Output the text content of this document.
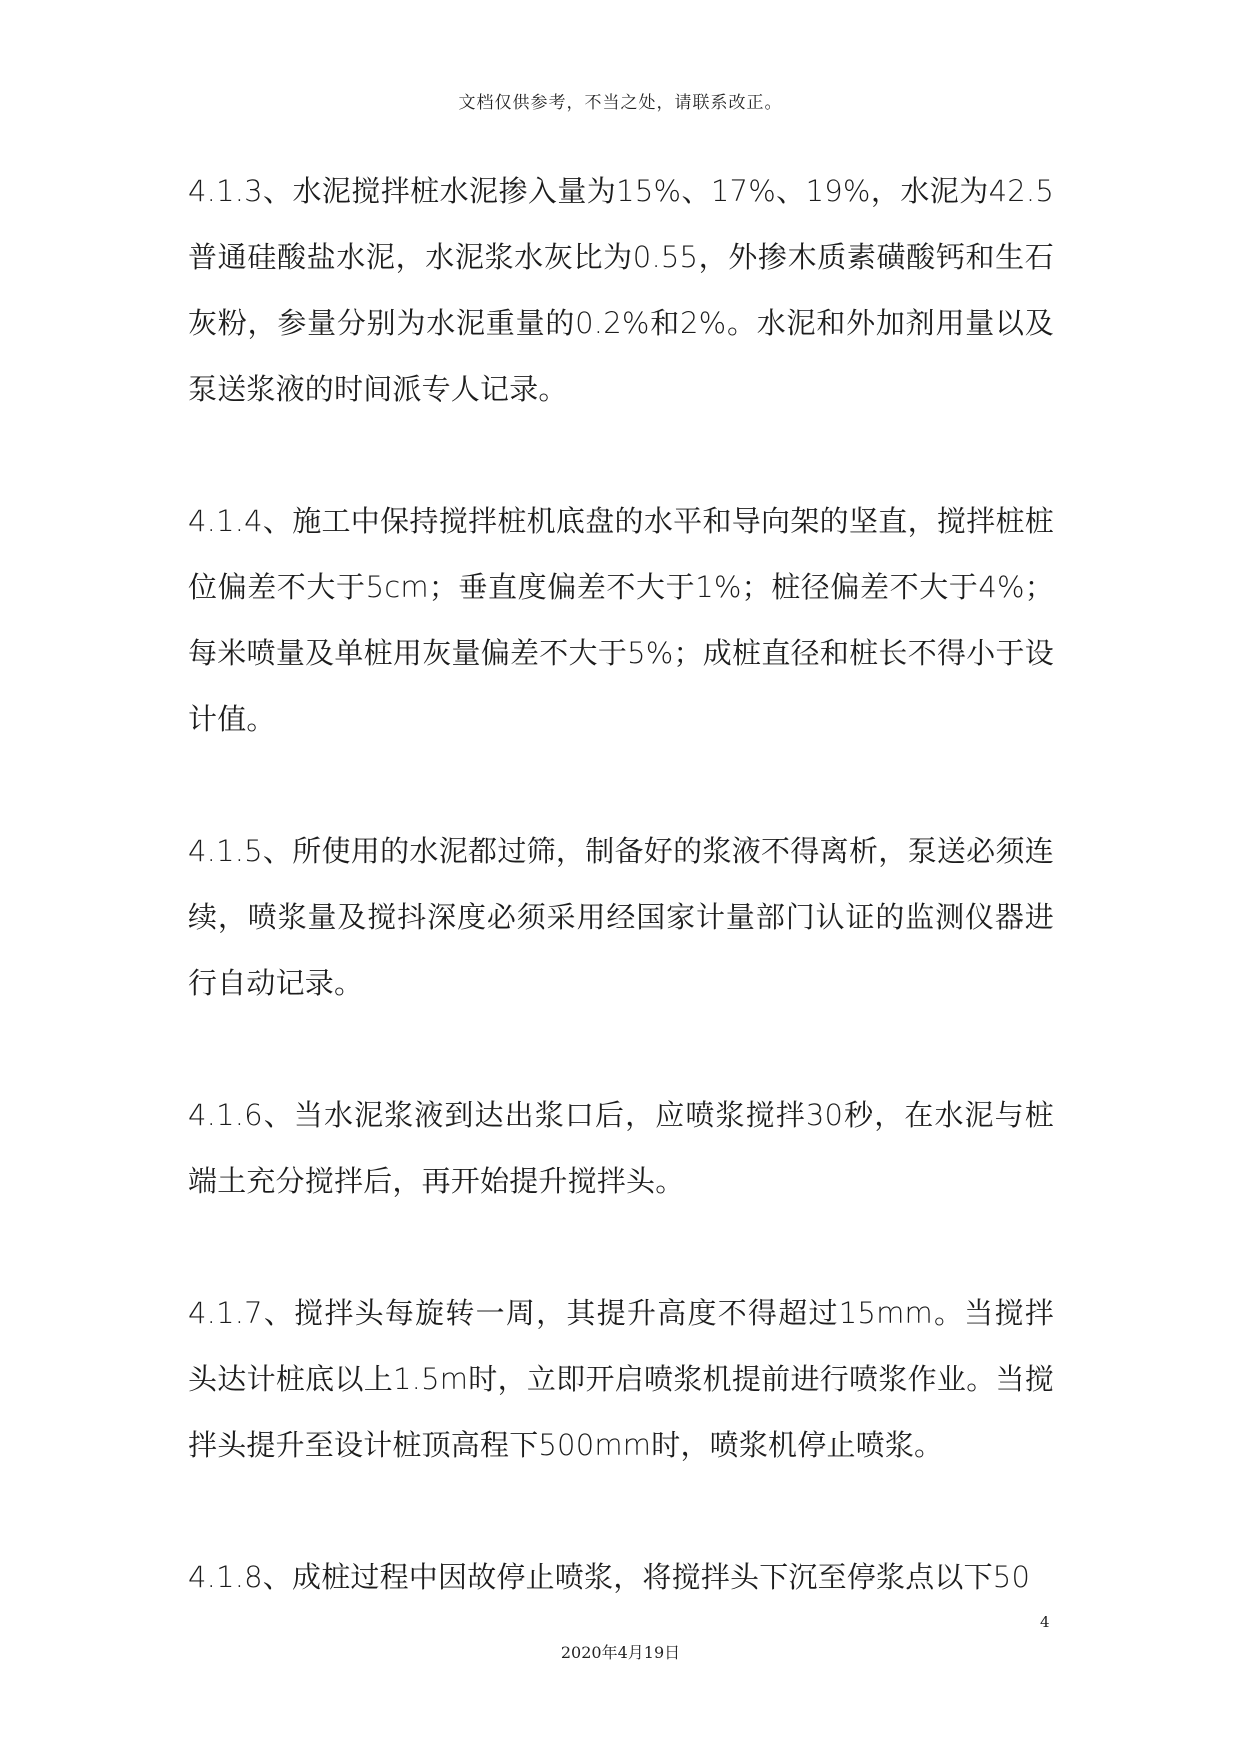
文档仅供参考，不当之处，请联系改正。

4.1.3、水泥搅拌桩水泥掺入量为15%、17%、19%，水泥为42.5普通硅酸盐水泥，水泥浆水灰比为0.55，外掺木质素磺酸钙和生石灰粉，参量分别为水泥重量的0.2%和2%。水泥和外加剂用量以及泵送浆液的时间派专人记录。

4.1.4、施工中保持搅拌桩机底盘的水平和导向架的坚直，搅拌桩桩位偏差不大于5cm；垂直度偏差不大于1%；桩径偏差不大于4%；每米喷量及单桩用灰量偏差不大于5%；成桩直径和桩长不得小于设计值。

4.1.5、所使用的水泥都过筛，制备好的浆液不得离析，泵送必须连续，喷浆量及搅抖深度必须采用经国家计量部门认证的监测仪器进行自动记录。

4.1.6、当水泥浆液到达出浆口后，应喷浆搅拌30秒，在水泥与桩端土充分搅拌后，再开始提升搅拌头。

4.1.7、搅拌头每旋转一周，其提升高度不得超过15mm。当搅拌头达计桩底以上1.5m时，立即开启喷浆机提前进行喷浆作业。当搅拌头提升至设计桩顶高程下500mm时，喷浆机停止喷浆。

4.1.8、成桩过程中因故停止喷浆，将搅拌头下沉至停浆点以下50

4
2020年4月19日
